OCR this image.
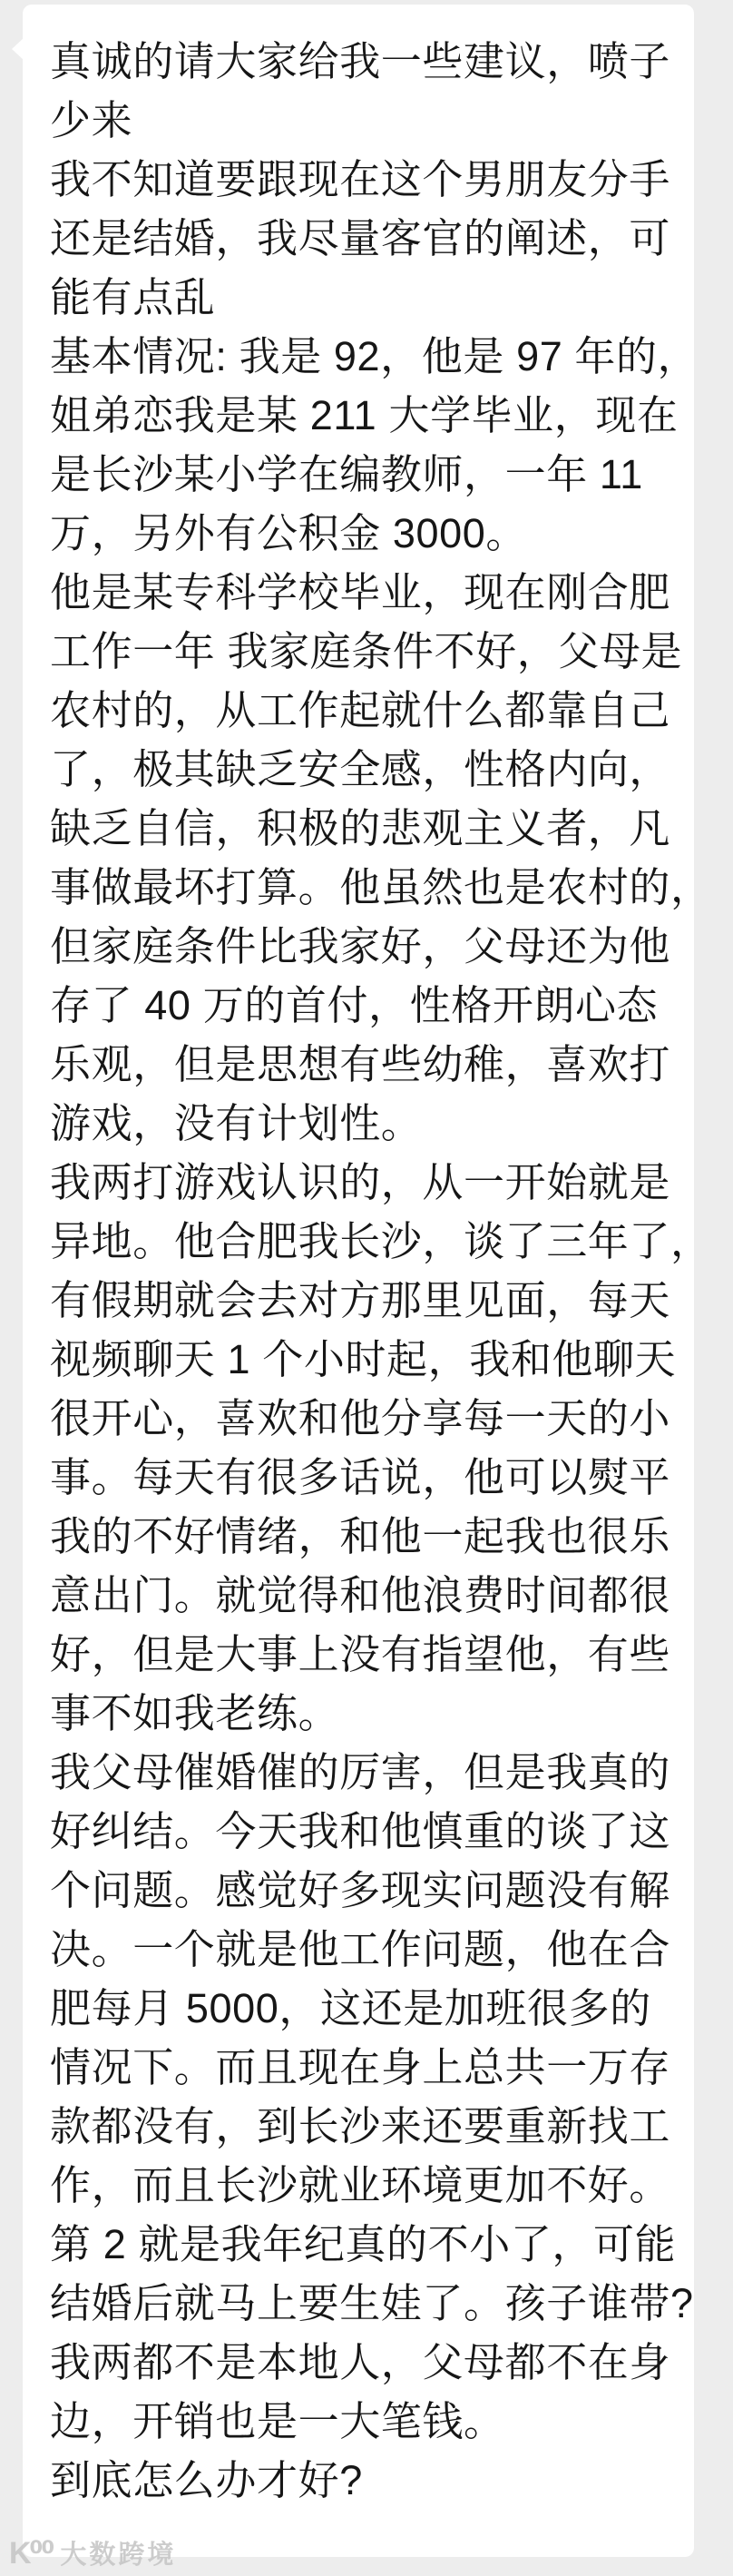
真诚的请大家给我一些建议，喷子
少来
我不知道要跟现在这个男朋友分手
还是结婚，我尽量客官的阐述，可
能有点乱
基本情况: 我是 92，他是 97 年的，
姐弟恋我是某 211 大学毕业，现在
是长沙某小学在编教师，一年 11
万，另外有公积金 3000。
他是某专科学校毕业，现在刚合肥
工作一年 我家庭条件不好，父母是
农村的，从工作起就什么都靠自己
了，极其缺乏安全感，性格内向，
缺乏自信，积极的悲观主义者，凡
事做最坏打算。他虽然也是农村的，
但家庭条件比我家好，父母还为他
存了 40 万的首付，性格开朗心态
乐观，但是思想有些幼稚，喜欢打
游戏，没有计划性。
我两打游戏认识的，从一开始就是
异地。他合肥我长沙，谈了三年了，
有假期就会去对方那里见面，每天
视频聊天 1 个小时起，我和他聊天
很开心，喜欢和他分享每一天的小
事。每天有很多话说，他可以熨平
我的不好情绪，和他一起我也很乐
意出门。就觉得和他浪费时间都很
好，但是大事上没有指望他，有些
事不如我老练。
我父母催婚催的厉害，但是我真的
好纠结。今天我和他慎重的谈了这
个问题。感觉好多现实问题没有解
决。一个就是他工作问题，他在合
肥每月 5000，这还是加班很多的
情况下。而且现在身上总共一万存
款都没有，到长沙来还要重新找工
作，而且长沙就业环境更加不好。
第 2 就是我年纪真的不小了，可能
结婚后就马上要生娃了。孩子谁带?
我两都不是本地人，父母都不在身
边，开销也是一大笔钱。
到底怎么办才好?
K⁰⁰ 大数跨境
